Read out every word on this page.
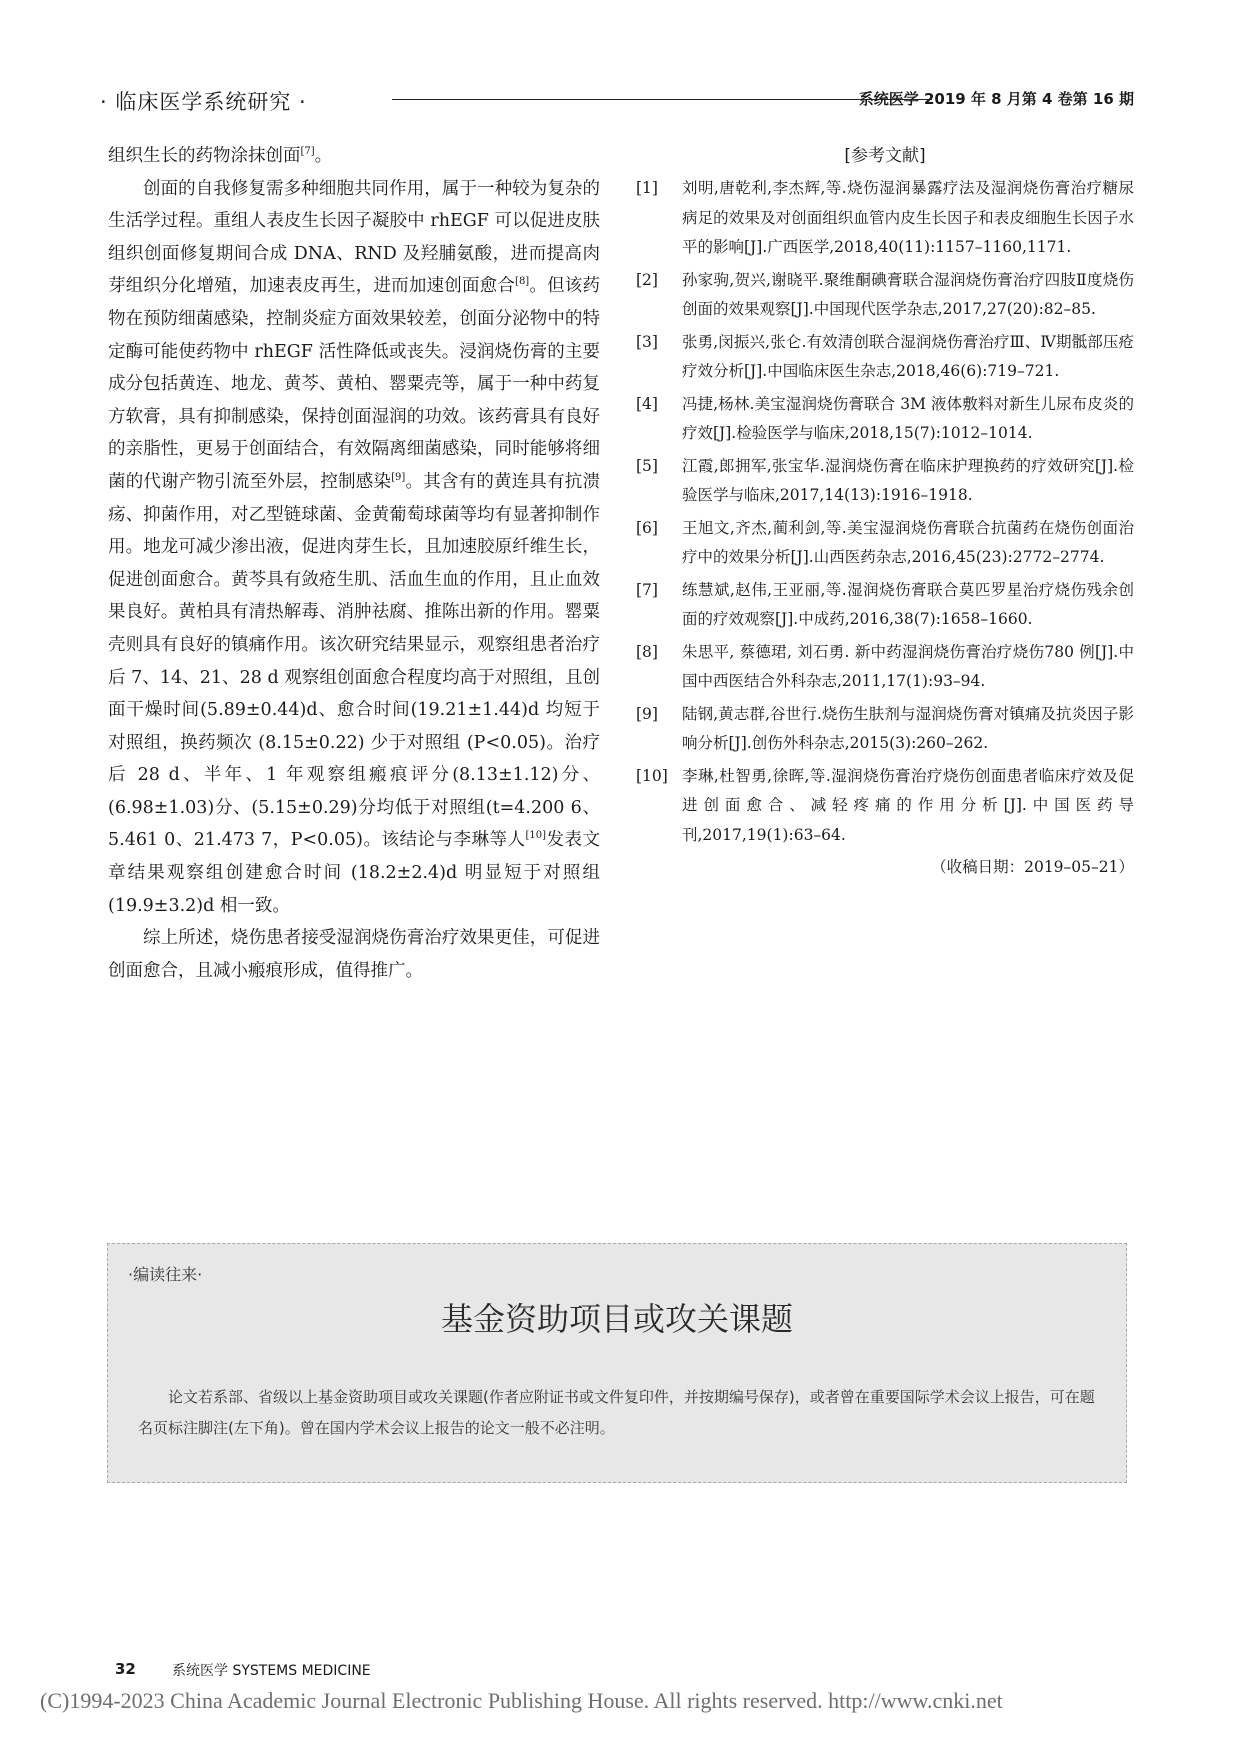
· 临床医学系统研究 ·	系统医学 2019 年 8 月第 4 卷第 16 期

组织生长的药物涂抹创面[7]。

创面的自我修复需多种细胞共同作用，属于一种较为复杂的生活学过程。重组人表皮生长因子凝胶中 rhEGF 可以促进皮肤组织创面修复期间合成 DNA、RND 及羟脯氨酸，进而提高肉芽组织分化增殖，加速表皮再生，进而加速创面愈合[8]。但该药物在预防细菌感染，控制炎症方面效果较差，创面分泌物中的特定酶可能使药物中 rhEGF 活性降低或丧失。浸润烧伤膏的主要成分包括黄连、地龙、黄芩、黄柏、罂粟壳等，属于一种中药复方软膏，具有抑制感染，保持创面湿润的功效。该药膏具有良好的亲脂性，更易于创面结合，有效隔离细菌感染，同时能够将细菌的代谢产物引流至外层，控制感染[9]。其含有的黄连具有抗溃疡、抑菌作用，对乙型链球菌、金黄葡萄球菌等均有显著抑制作用。地龙可减少渗出液，促进肉芽生长，且加速胶原纤维生长，促进创面愈合。黄芩具有敛疮生肌、活血生血的作用，且止血效果良好。黄柏具有清热解毒、消肿祛腐、推陈出新的作用。罂粟壳则具有良好的镇痛作用。该次研究结果显示，观察组患者治疗后 7、14、21、28 d 观察组创面愈合程度均高于对照组，且创面干燥时间(5.89±0.44)d、愈合时间(19.21±1.44)d 均短于对照组，换药频次 (8.15±0.22) 少于对照组 (P<0.05)。治疗后 28 d、半年、1 年观察组瘢痕评分(8.13±1.12)分、(6.98±1.03)分、(5.15±0.29)分均低于对照组(t=4.200 6、5.461 0、21.473 7，P<0.05)。该结论与李琳等人[10]发表文章结果观察组创建愈合时间 (18.2±2.4)d 明显短于对照组(19.9±3.2)d 相一致。

综上所述，烧伤患者接受湿润烧伤膏治疗效果更佳，可促进创面愈合，且减小瘢痕形成，值得推广。

[参考文献]
[1] 刘明,唐乾利,李杰辉,等.烧伤湿润暴露疗法及湿润烧伤膏治疗糖尿病足的效果及对创面组织血管内皮生长因子和表皮细胞生长因子水平的影响[J].广西医学,2018,40(11):1157–1160,1171.
[2] 孙家驹,贺兴,谢晓平.聚维酮碘膏联合湿润烧伤膏治疗四肢Ⅱ度烧伤创面的效果观察[J].中国现代医学杂志,2017,27(20):82–85.
[3] 张勇,闵振兴,张仑.有效清创联合湿润烧伤膏治疗Ⅲ、Ⅳ期骶部压疮疗效分析[J].中国临床医生杂志,2018,46(6):719–721.
[4] 冯捷,杨林.美宝湿润烧伤膏联合 3M 液体敷料对新生儿尿布皮炎的疗效[J].检验医学与临床,2018,15(7):1012–1014.
[5] 江霞,郎拥军,张宝华.湿润烧伤膏在临床护理换药的疗效研究[J].检验医学与临床,2017,14(13):1916–1918.
[6] 王旭文,齐杰,蔺利剑,等.美宝湿润烧伤膏联合抗菌药在烧伤创面治疗中的效果分析[J].山西医药杂志,2016,45(23):2772–2774.
[7] 练慧斌,赵伟,王亚丽,等.湿润烧伤膏联合莫匹罗星治疗烧伤残余创面的疗效观察[J].中成药,2016,38(7):1658–1660.
[8] 朱思平, 蔡德珺, 刘石勇. 新中药湿润烧伤膏治疗烧伤780 例[J].中国中西医结合外科杂志,2011,17(1):93–94.
[9] 陆钢,黄志群,谷世行.烧伤生肤剂与湿润烧伤膏对镇痛及抗炎因子影响分析[J].创伤外科杂志,2015(3):260–262.
[10] 李琳,杜智勇,徐晖,等.湿润烧伤膏治疗烧伤创面患者临床疗效及促进创面愈合、减轻疼痛的作用分析[J].中国医药导刊,2017,19(1):63–64.
（收稿日期：2019–05–21）
·编读往来·
基金资助项目或攻关课题
论文若系部、省级以上基金资助项目或攻关课题(作者应附证书或文件复印件，并按期编号保存)，或者曾在重要国际学术会议上报告，可在题名页标注脚注(左下角)。曾在国内学术会议上报告的论文一般不必注明。
32	系统医学 SYSTEMS MEDICINE
(C)1994-2023 China Academic Journal Electronic Publishing House. All rights reserved. http://www.cnki.net
